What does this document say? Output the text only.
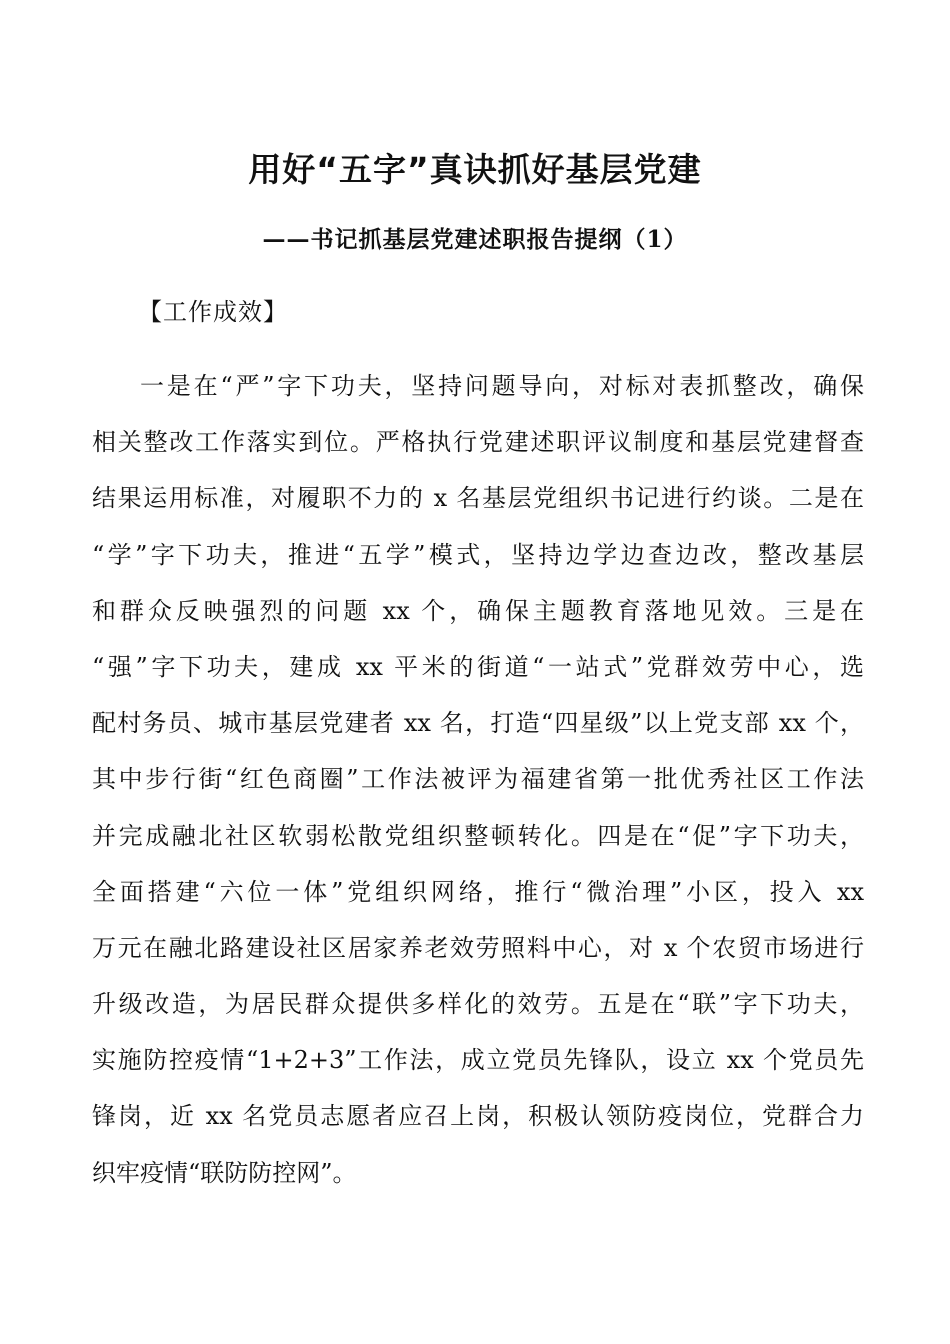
用好“五字”真诀抓好基层党建
——书记抓基层党建述职报告提纲（1）

【工作成效】

一是在“严”字下功夫，坚持问题导向，对标对表抓整改，确保
相关整改工作落实到位。严格执行党建述职评议制度和基层党建督查
结果运用标准，对履职不力的 x 名基层党组织书记进行约谈。二是在
“学”字下功夫，推进“五学”模式，坚持边学边查边改，整改基层
和群众反映强烈的问题 xx 个，确保主题教育落地见效。三是在
“强”字下功夫，建成 xx 平米的街道“一站式”党群效劳中心，选
配村务员、城市基层党建者 xx 名，打造“四星级”以上党支部 xx 个，
其中步行街“红色商圈”工作法被评为福建省第一批优秀社区工作法
并完成融北社区软弱松散党组织整顿转化。四是在“促”字下功夫，
全面搭建“六位一体”党组织网络，推行“微治理”小区，投入 xx
万元在融北路建设社区居家养老效劳照料中心，对 x 个农贸市场进行
升级改造，为居民群众提供多样化的效劳。五是在“联”字下功夫，
实施防控疫情“1+2+3”工作法，成立党员先锋队，设立 xx 个党员先
锋岗，近 xx 名党员志愿者应召上岗，积极认领防疫岗位，党群合力
织牢疫情“联防防控网”。
